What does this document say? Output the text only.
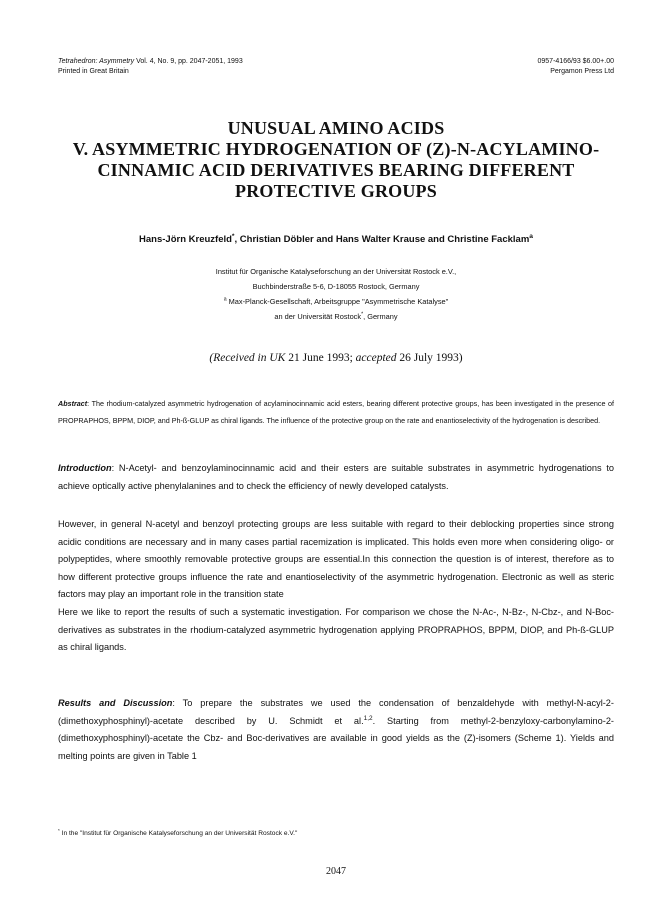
Tetrahedron: Asymmetry Vol. 4, No. 9, pp. 2047-2051, 1993
Printed in Great Britain
0957-4166/93 $6.00+.00
Pergamon Press Ltd
UNUSUAL AMINO ACIDS
V. ASYMMETRIC HYDROGENATION OF (Z)-N-ACYLAMINO-
CINNAMIC ACID DERIVATIVES BEARING DIFFERENT
PROTECTIVE GROUPS
Hans-Jörn Kreuzfeld*, Christian Döbler and Hans Walter Krause and Christine Facklam$^a$
Institut für Organische Katalyseforschung an der Universität Rostock e.V.,
Buchbinderstraße 5-6, D-18055 Rostock, Germany
$^a$ Max-Planck-Gesellschaft, Arbeitsgruppe "Asymmetrische Katalyse"
an der Universität Rostock*, Germany
(Received in UK 21 June 1993; accepted 26 July 1993)
Abstract: The rhodium-catalyzed asymmetric hydrogenation of acylaminocinnamic acid esters, bearing different protective groups, has been investigated in the presence of PROPRAPHOS, BPPM, DIOP, and Ph-ß-GLUP as chiral ligands. The influence of the protective group on the rate and enantioselectivity of the hydrogenation is described.
Introduction: N-Acetyl- and benzoylaminocinnamic acid and their esters are suitable substrates in asymmetric hydrogenations to achieve optically active phenylalanines and to check the efficiency of newly developed catalysts.
However, in general N-acetyl and benzoyl protecting groups are less suitable with regard to their deblocking properties since strong acidic conditions are necessary and in many cases partial racemization is implicated. This holds even more when considering oligo- or polypeptides, where smoothly removable protective groups are essential.In this connection the question is of interest, therefore as to how different protective groups influence the rate and enantioselectivity of the asymmetric hydrogenation. Electronic as well as steric factors may play an important role in the transition state
Here we like to report the results of such a systematic investigation. For comparison we chose the N-Ac-, N-Bz-, N-Cbz-, and N-Boc-derivatives as substrates in the rhodium-catalyzed asymmetric hydrogenation applying PROPRAPHOS, BPPM, DIOP, and Ph-ß-GLUP as chiral ligands.
Results and Discussion: To prepare the substrates we used the condensation of benzaldehyde with methyl-N-acyl-2-(dimethoxyphosphinyl)-acetate described by U. Schmidt et al.$^{1,2}$. Starting from methyl-2-benzyloxy-carbonylamino-2-(dimethoxyphosphinyl)-acetate the Cbz- and Boc-derivatives are available in good yields as the (Z)-isomers (Scheme 1). Yields and melting points are given in Table 1
* In the "Institut für Organische Katalyseforschung an der Universität Rostock e.V."
2047
